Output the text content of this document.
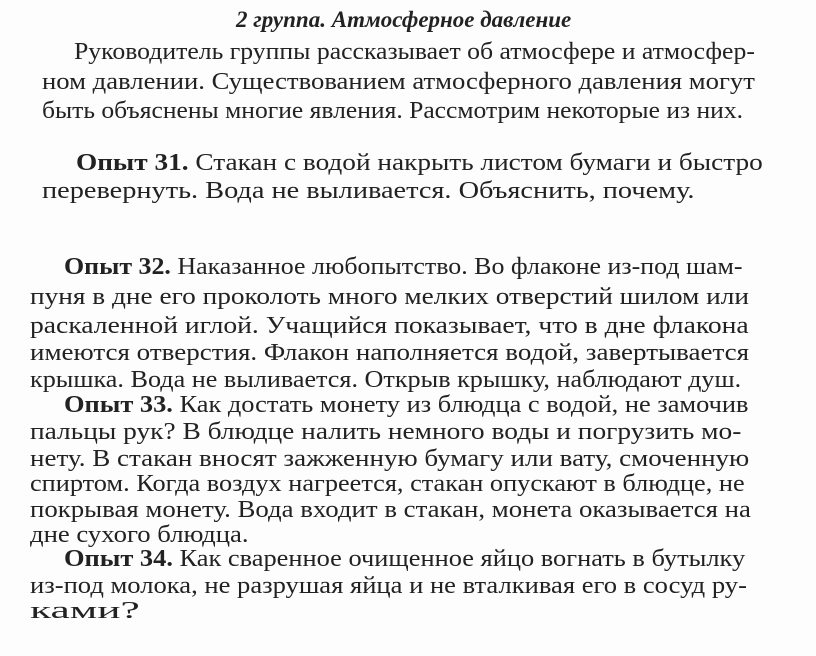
2 группа. Атмосферное давление
Руководитель группы рассказывает об атмосфере и атмосфер-
ном давлении. Существованием атмосферного давления могут
быть объяснены многие явления. Рассмотрим некоторые из них.
Опыт 31. Стакан с водой накрыть листом бумаги и быстро
перевернуть. Вода не выливается. Объяснить, почему.
Опыт 32. Наказанное любопытство. Во флаконе из-под шам-
пуня в дне его проколоть много мелких отверстий шилом или
раскаленной иглой. Учащийся показывает, что в дне флакона
имеются отверстия. Флакон наполняется водой, завертывается
крышка. Вода не выливается. Открыв крышку, наблюдают душ.
Опыт 33. Как достать монету из блюдца с водой, не замочив
пальцы рук? В блюдце налить немного воды и погрузить мо-
нету. В стакан вносят зажженную бумагу или вату, смоченную
спиртом. Когда воздух нагреется, стакан опускают в блюдце, не
покрывая монету. Вода входит в стакан, монета оказывается на
дне сухого блюдца.
Опыт 34. Как сваренное очищенное яйцо вогнать в бутылку
из-под молока, не разрушая яйца и не вталкивая его в сосуд ру-
ками?
